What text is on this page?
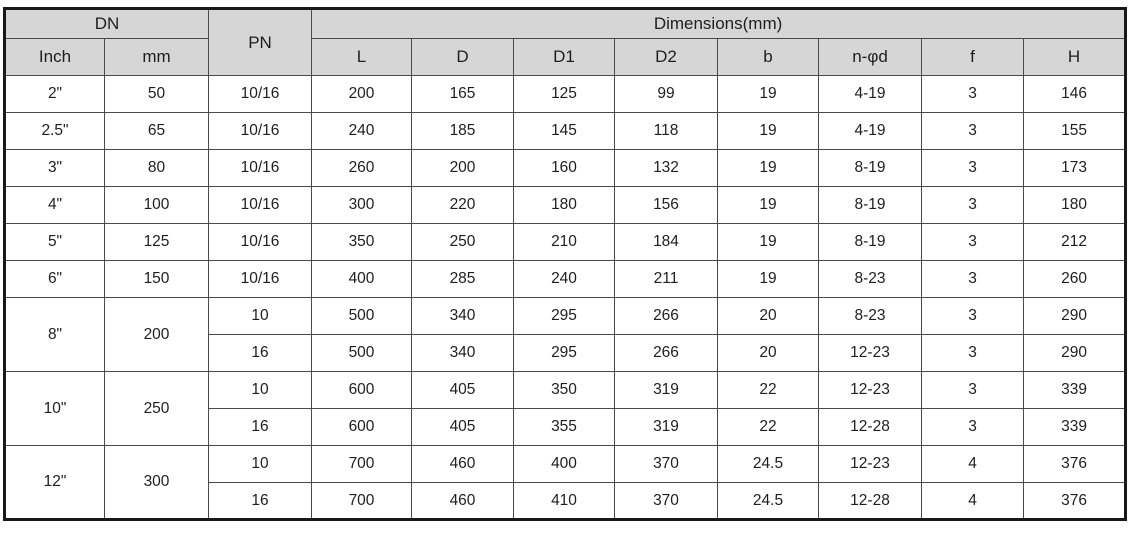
DN		PN	Dimensions(mm)							
Inch	mm		L	D	D1	D2	b	n-φd	f	H
2"	50	10/16	200	165	125	99	19	4-19	3	146
2.5"	65	10/16	240	185	145	118	19	4-19	3	155
3"	80	10/16	260	200	160	132	19	8-19	3	173
4"	100	10/16	300	220	180	156	19	8-19	3	180
5"	125	10/16	350	250	210	184	19	8-19	3	212
6"	150	10/16	400	285	240	211	19	8-23	3	260
8"	200	10	500	340	295	266	20	8-23	3	290
		16	500	340	295	266	20	12-23	3	290
10"	250	10	600	405	350	319	22	12-23	3	339
		16	600	405	355	319	22	12-28	3	339
12"	300	10	700	460	400	370	24.5	12-23	4	376
		16	700	460	410	370	24.5	12-28	4	376
